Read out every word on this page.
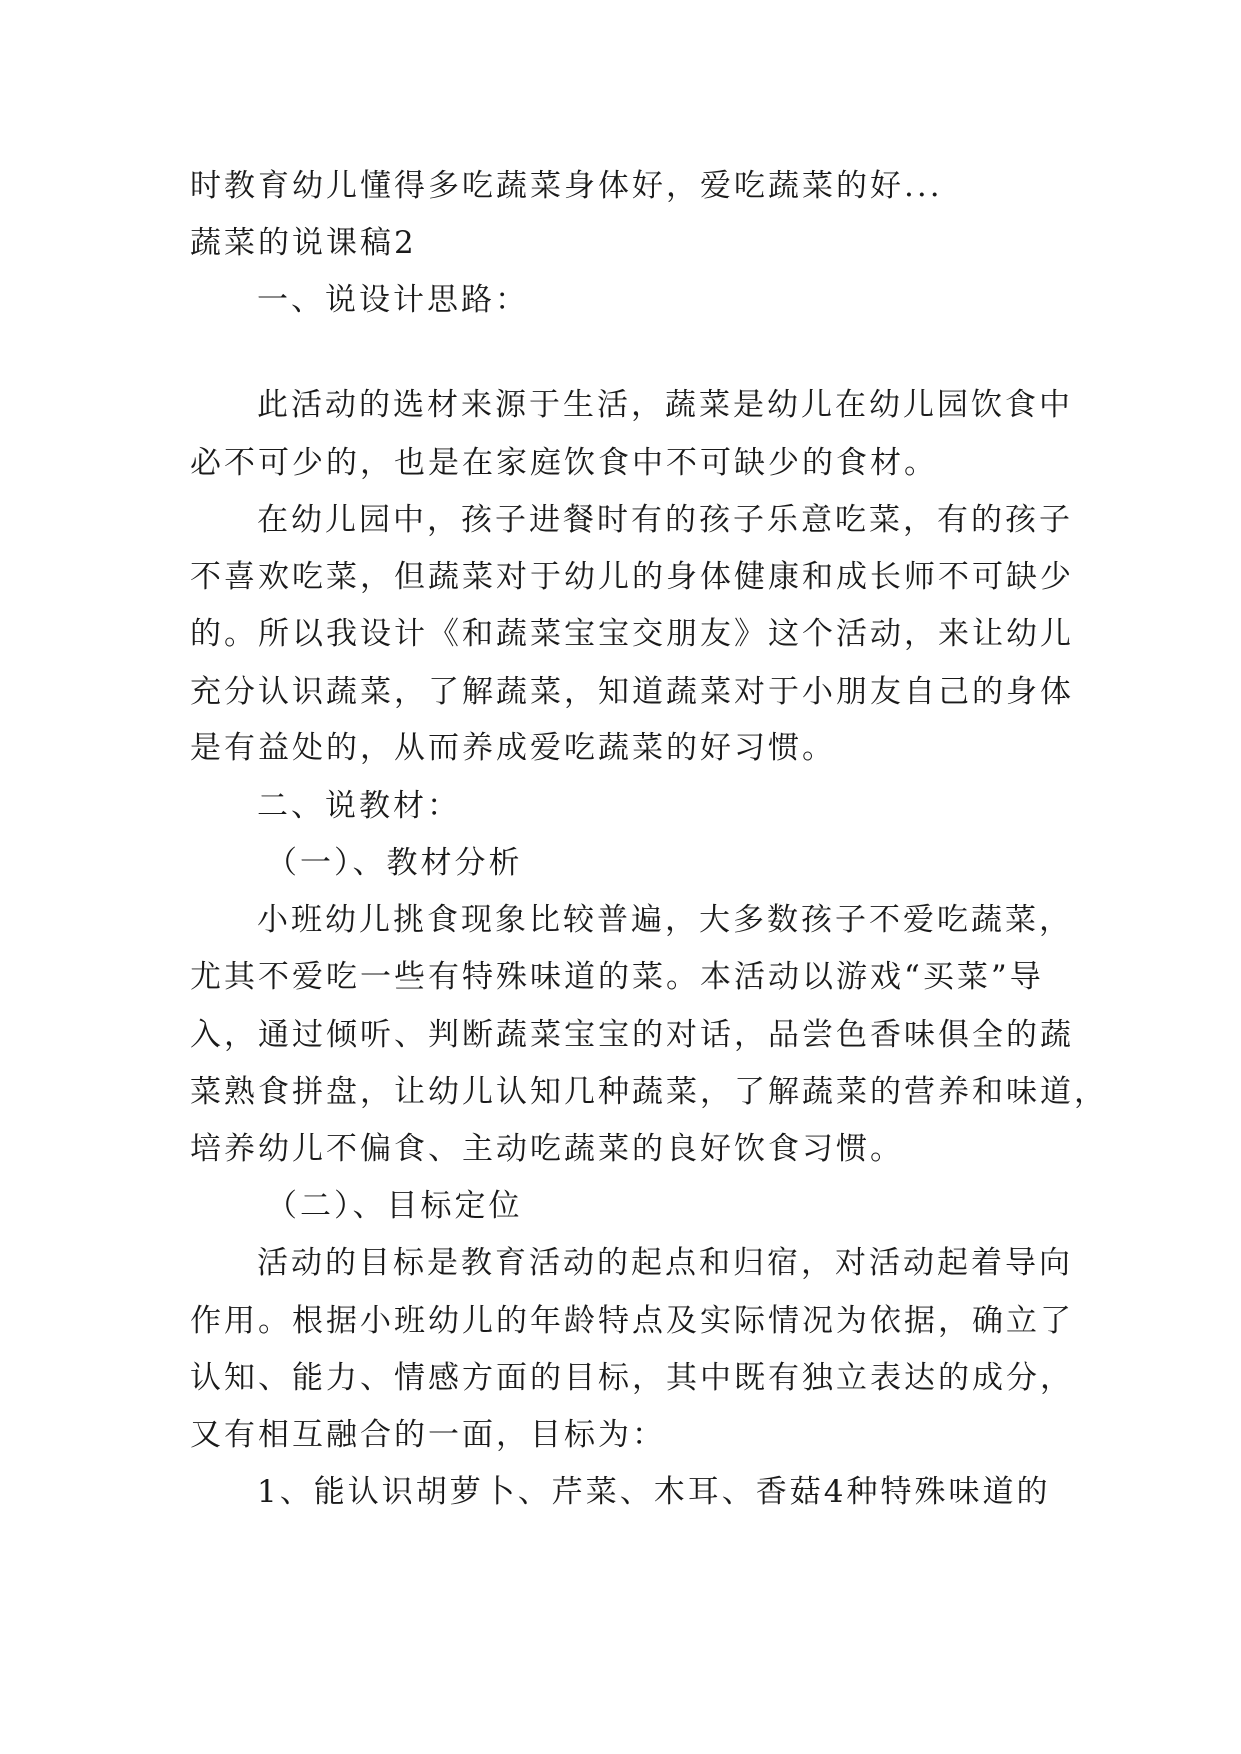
时教育幼儿懂得多吃蔬菜身体好，爱吃蔬菜的好...
蔬菜的说课稿2
一、说设计思路：
此活动的选材来源于生活，蔬菜是幼儿在幼儿园饮食中
必不可少的，也是在家庭饮食中不可缺少的食材。
在幼儿园中，孩子进餐时有的孩子乐意吃菜，有的孩子
不喜欢吃菜，但蔬菜对于幼儿的身体健康和成长师不可缺少
的。所以我设计《和蔬菜宝宝交朋友》这个活动，来让幼儿
充分认识蔬菜，了解蔬菜，知道蔬菜对于小朋友自己的身体
是有益处的，从而养成爱吃蔬菜的好习惯。
二、说教材：
（一）、教材分析
小班幼儿挑食现象比较普遍，大多数孩子不爱吃蔬菜，
尤其不爱吃一些有特殊味道的菜。本活动以游戏“买菜”导
入，通过倾听、判断蔬菜宝宝的对话，品尝色香味俱全的蔬
菜熟食拼盘，让幼儿认知几种蔬菜，了解蔬菜的营养和味道，
培养幼儿不偏食、主动吃蔬菜的良好饮食习惯。
（二）、目标定位
活动的目标是教育活动的起点和归宿，对活动起着导向
作用。根据小班幼儿的年龄特点及实际情况为依据，确立了
认知、能力、情感方面的目标，其中既有独立表达的成分，
又有相互融合的一面，目标为：
1、能认识胡萝卜、芹菜、木耳、香菇4种特殊味道的
